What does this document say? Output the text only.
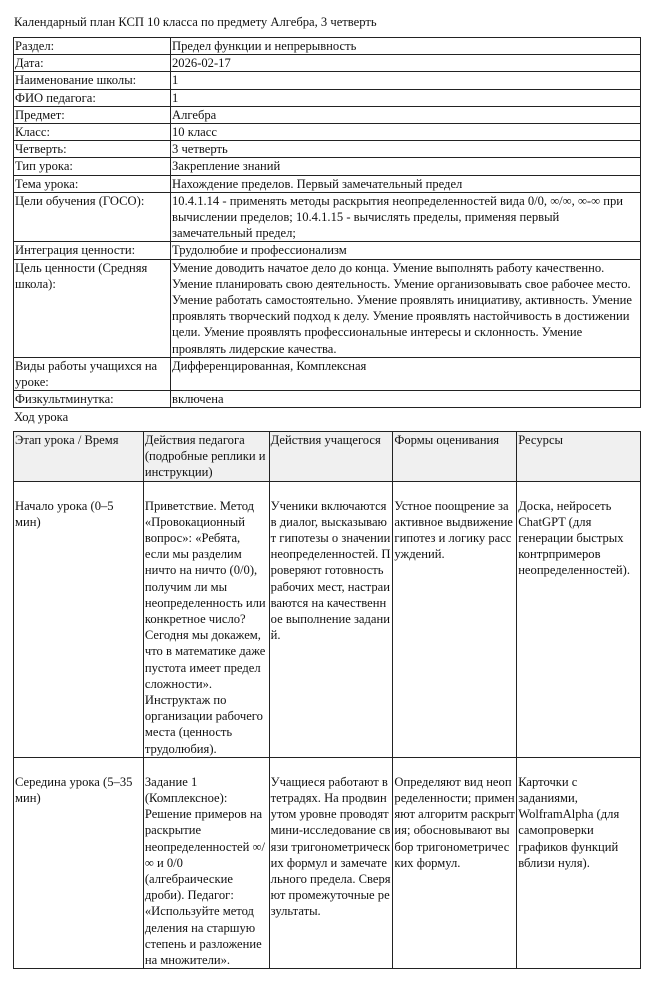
Календарный план КСП 10 класса по предмету Алгебра, 3 четверть
Раздел:	Предел функции и непрерывность
Дата:	2026-02-17
Наименование школы:	1
ФИО педагога:	1
Предмет:	Алгебра
Класс:	10 класс
Четверть:	3 четверть
Тип урока:	Закрепление знаний
Тема урока:	Нахождение пределов. Первый замечательный предел
Цели обучения (ГОСО):	10.4.1.14 - применять методы раскрытия неопределенностей вида 0/0, ∞/∞, ∞-∞ при вычислении пределов; 10.4.1.15 - вычислять пределы, применяя первый замечательный предел;
Интеграция ценности:	Трудолюбие и профессионализм
Цель ценности (Средняя школа):	Умение доводить начатое дело до конца. Умение выполнять работу качественно. Умение планировать свою деятельность. Умение организовывать свое рабочее место. Умение работать самостоятельно. Умение проявлять инициативу, активность. Умение проявлять творческий подход к делу. Умение проявлять настойчивость в достижении цели. Умение проявлять профессиональные интересы и склонность. Умение проявлять лидерские качества.
Виды работы учащихся на уроке:	Дифференцированная, Комплексная
Физкультминутка:	включена
Ход урока
Этап урока / Время	Действия педагога (подробные реплики и инструкции)	Действия учащегося	Формы оценивания	Ресурсы
Начало урока (0–5 мин)	Приветствие. Метод «Провокационный вопрос»: «Ребята, если мы разделим ничто на ничто (0/0), получим ли мы неопределенность или конкретное число? Сегодня мы докажем, что в математике даже пустота имеет предел сложности». Инструктаж по организации рабочего места (ценность трудолюбия).	Ученики включаются в диалог, высказывают гипотезы о значении неопределенностей. Проверяют готовность рабочих мест, настраиваются на качественное выполнение заданий.	Устное поощрение за активное выдвижение гипотез и логику рассуждений.	Доска, нейросеть ChatGPT (для генерации быстрых контрпримеров неопределенностей).
Середина урока (5–35 мин)	Задание 1 (Комплексное): Решение примеров на раскрытие неопределенностей ∞/∞ и 0/0 (алгебраические дроби). Педагог: «Используйте метод деления на старшую степень и разложение на множители».	Учащиеся работают в тетрадях. На продвинутом уровне проводят мини-исследование связи тригонометрических формул и замечательного предела. Сверяют промежуточные результаты.	Определяют вид неопределенности; применяют алгоритм раскрытия; обосновывают выбор тригонометрических формул.	Карточки с заданиями, WolframAlpha (для самопроверки графиков функций вблизи нуля).
